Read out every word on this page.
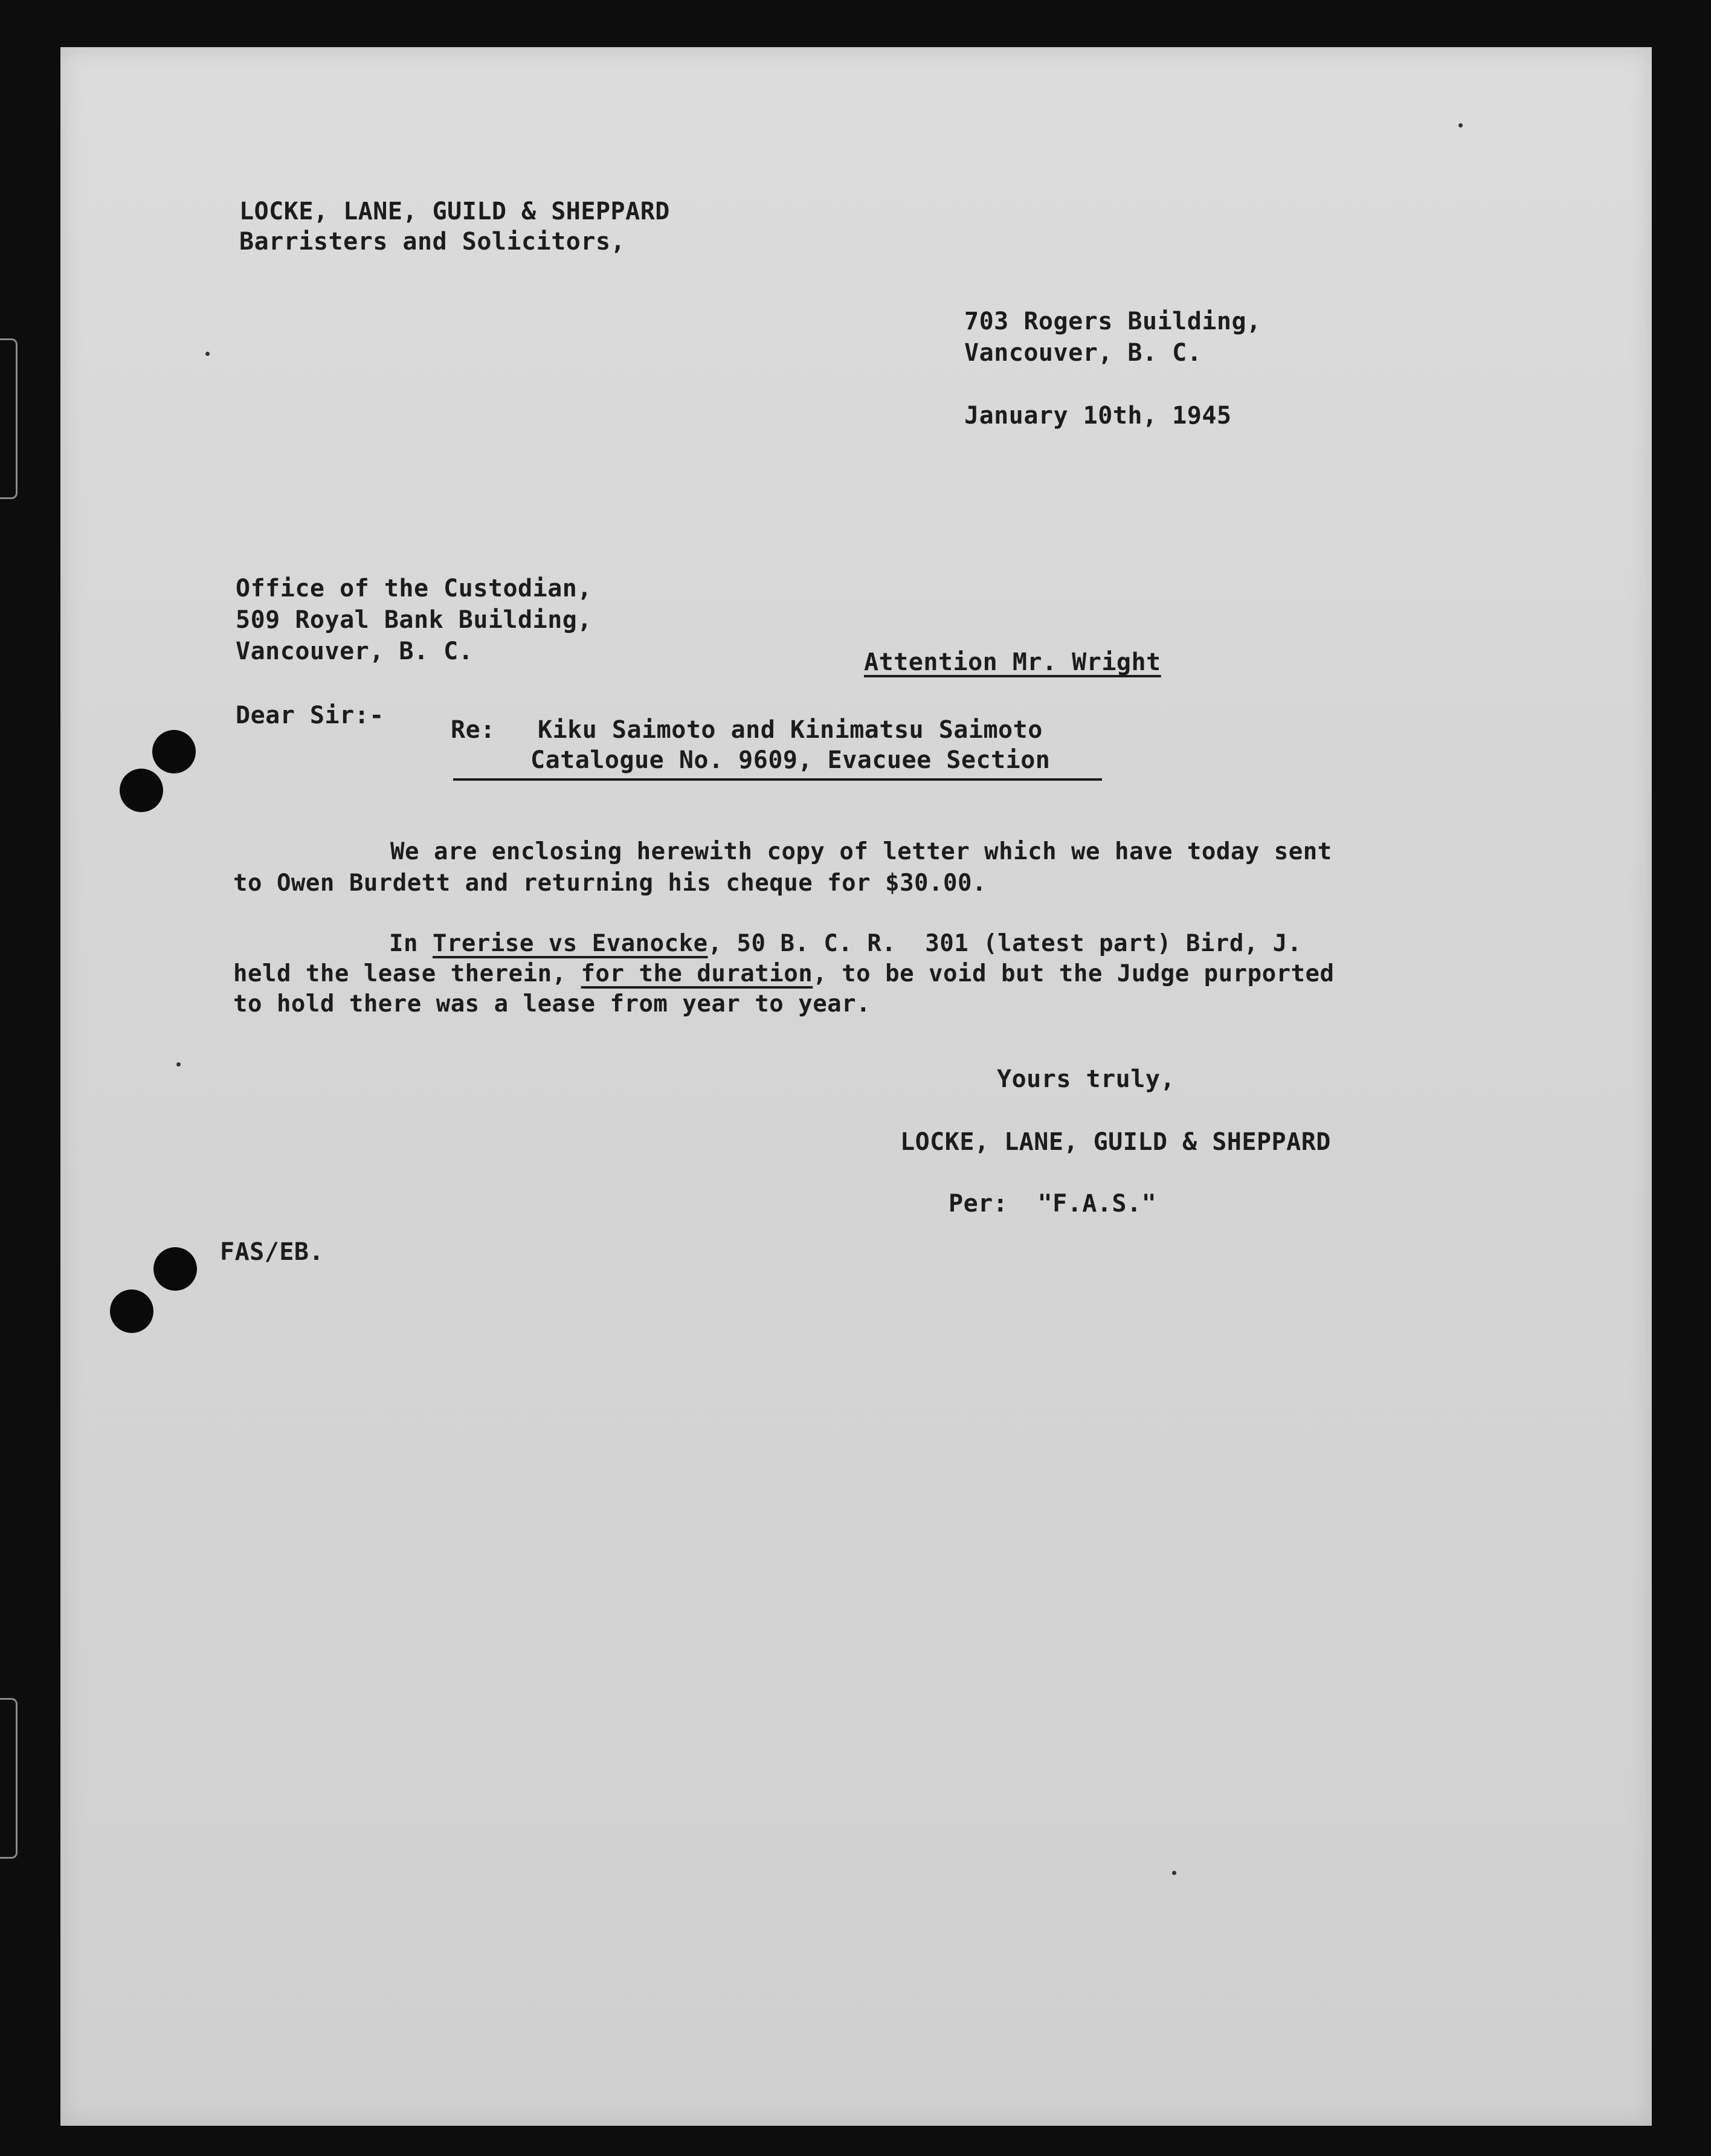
LOCKE, LANE, GUILD & SHEPPARD

Barristers and Solicitors,

703 Rogers Building,

Vancouver, B. C.

January 10th, 1945

Office of the Custodian,

509 Royal Bank Building,

Vancouver, B. C.	Attention Mr. Wright

Dear Sir:-

Re: Kiku Saimoto and Kinimatsu Saimoto

Catalogue No. 9609, Evacuee Section

We are enclosing herewith copy of letter which we have today sent

to Owen Burdett and returning his cheque for $30.00.

In Trerise vs Evanocke, 50 B. C. R.  301 (latest part) Bird, J.

held the lease therein, for the duration, to be void but the Judge purported

to hold there was a lease from year to year.

Yours truly,

LOCKE, LANE, GUILD & SHEPPARD

Per:  "F.A.S."

FAS/EB.
